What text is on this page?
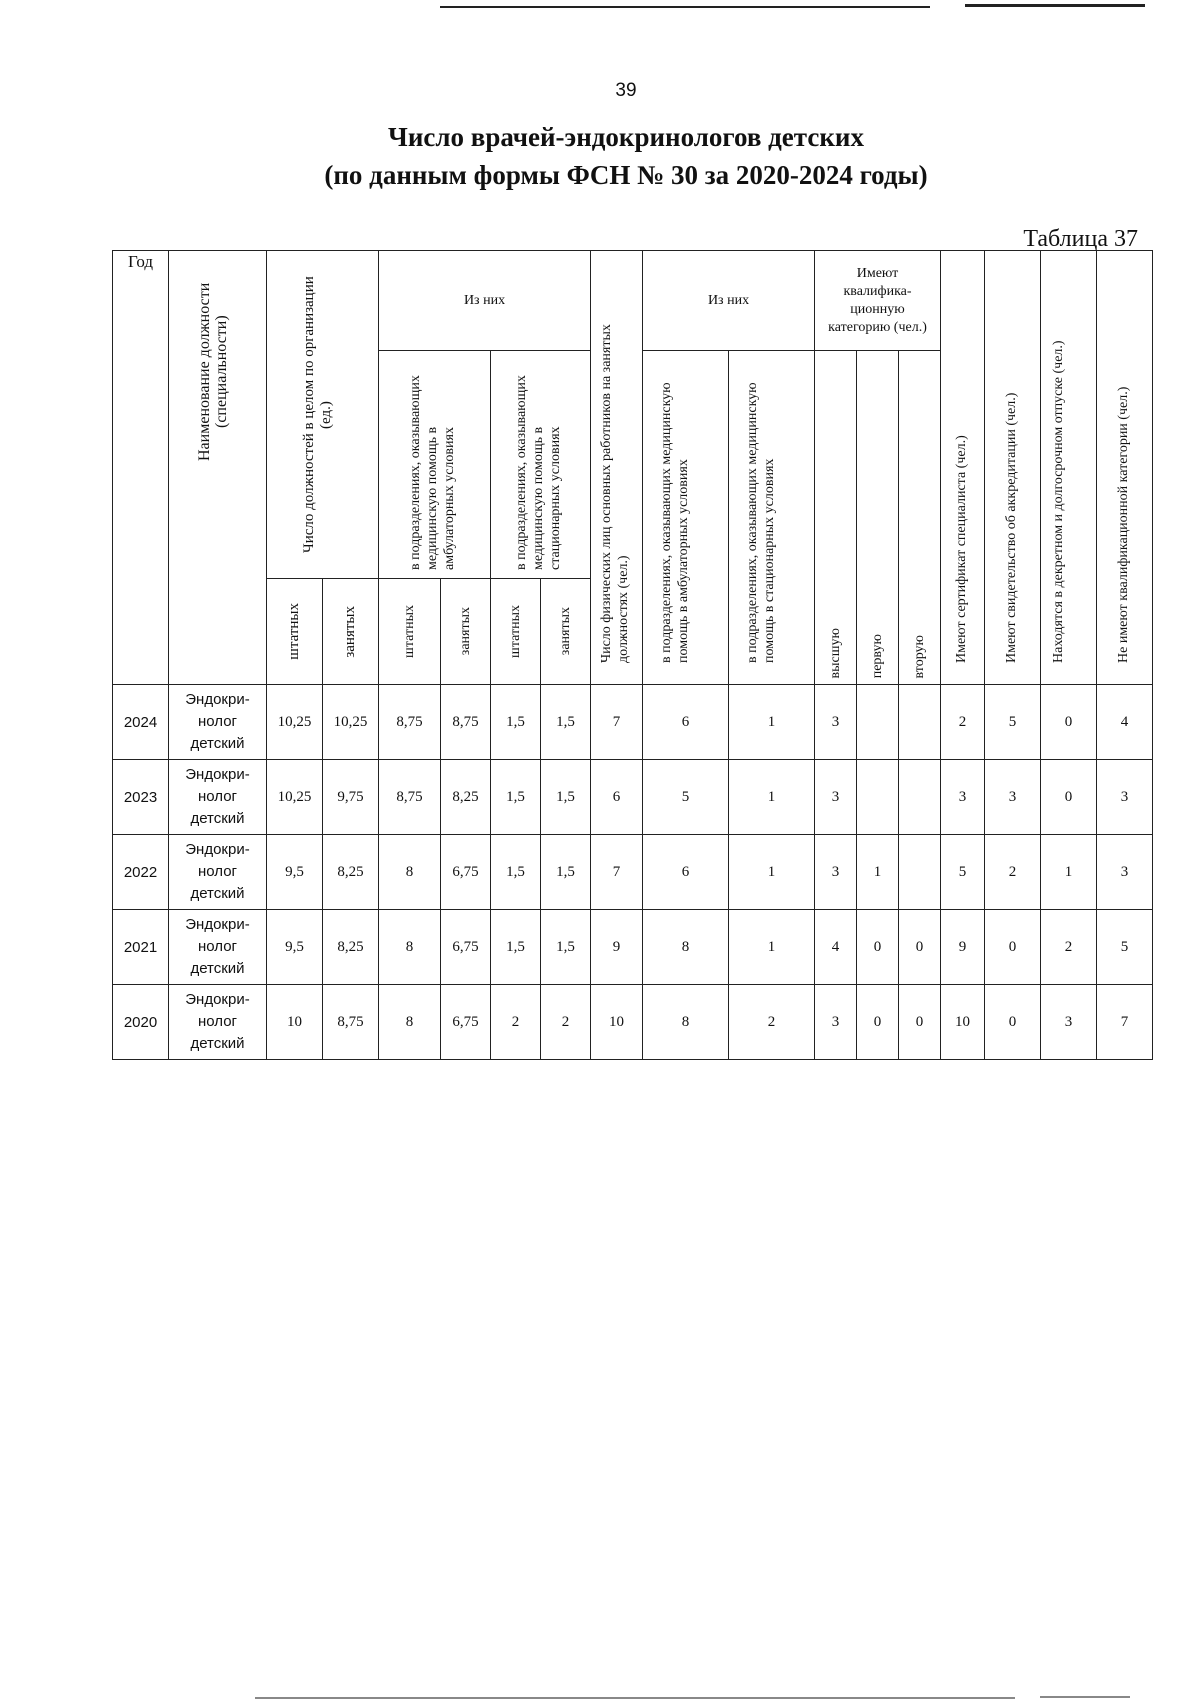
39
Число врачей-эндокринологов детских
(по данным формы ФСН № 30 за 2020-2024 годы)
Таблица 37
Год	Наименование должности (специальности)	Число должностей в целом по организации (ед.)		Из них				Число физических лиц основных работников на занятых должностях (чел.)	Из них		Имеют квалифика-ционную категорию (чел.)			Имеют сертификат специалиста (чел.)	Имеют свидетельство об аккредитации (чел.)	Находятся в декретном и долгосрочном отпуске (чел.)	Не имеют квалификационной категории (чел.)

				в подразделениях, оказывающих медицинскую помощь в амбулаторных условиях		в подразделениях, оказывающих медицинскую помощь в стационарных условиях			в подразделениях, оказывающих медицинскую помощь в амбулаторных условиях	в подразделениях, оказывающих медицинскую помощь в стационарных условиях	высшую	первую	вторую				

		штатных	занятых	штатных	занятых	штатных	занятых										

2024	Эндокри-
нолог
детский	10,25	10,25	8,75	8,75	1,5	1,5	7	6	1	3			2	5	0	4
2023	Эндокри-
нолог
детский	10,25	9,75	8,75	8,25	1,5	1,5	6	5	1	3			3	3	0	3
2022	Эндокри-
нолог
детский	9,5	8,25	8	6,75	1,5	1,5	7	6	1	3	1		5	2	1	3
2021	Эндокри-
нолог
детский	9,5	8,25	8	6,75	1,5	1,5	9	8	1	4	0	0	9	0	2	5
2020	Эндокри-
нолог
детский	10	8,75	8	6,75	2	2	10	8	2	3	0	0	10	0	3	7
